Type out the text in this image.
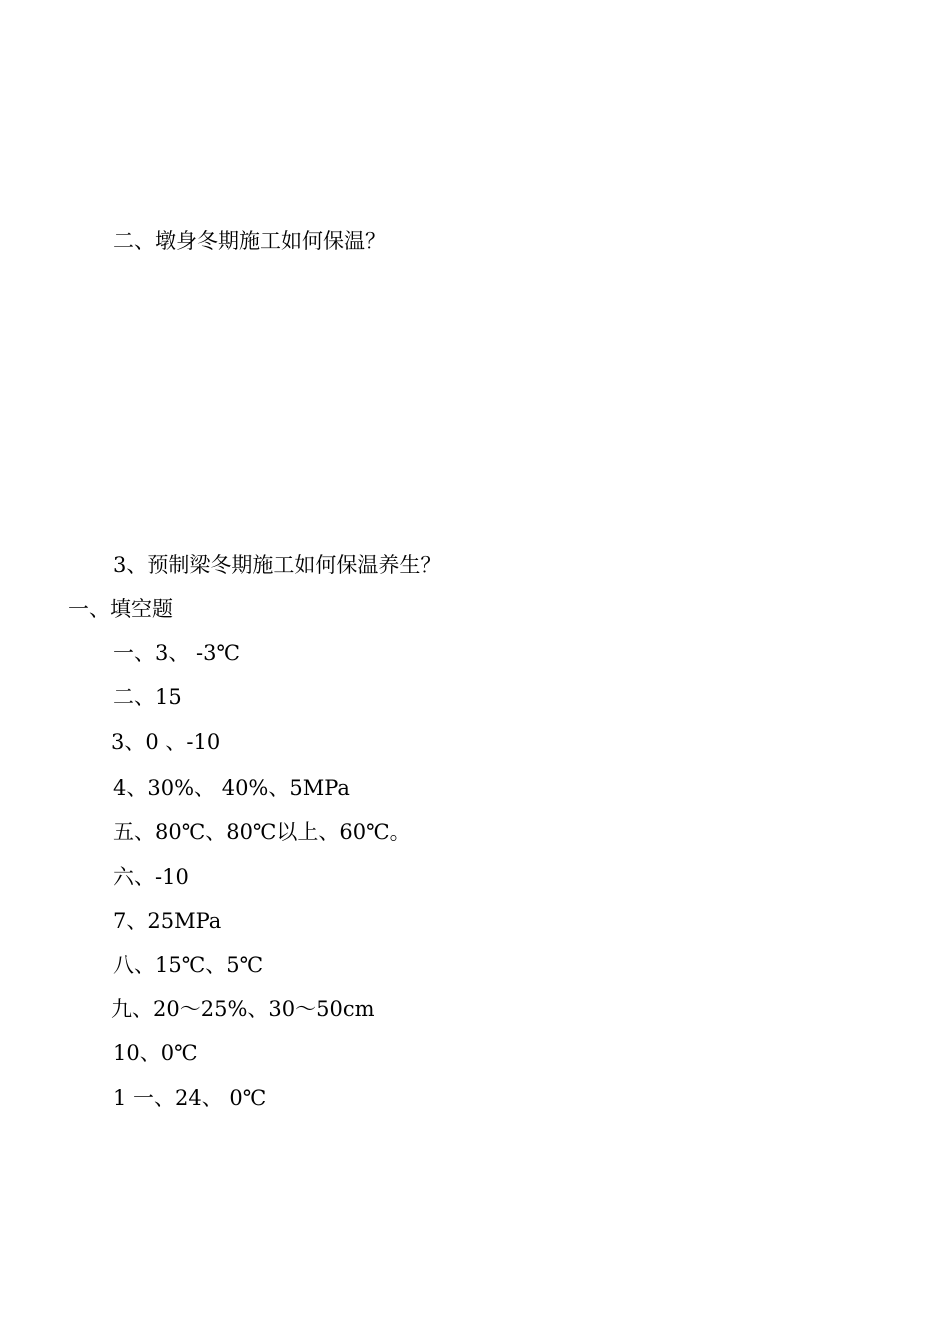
二、墩身冬期施工如何保温？
3、预制梁冬期施工如何保温养生？
一、填空题
一、3、 -3℃
二、15
3、0 、-10
4、30%、 40%、5MPa
五、80℃、80℃以上、60℃。
六、-10
7、25MPa
八、15℃、5℃
九、20～25%、30～50cm
10、0℃
1 一、24、 0℃
